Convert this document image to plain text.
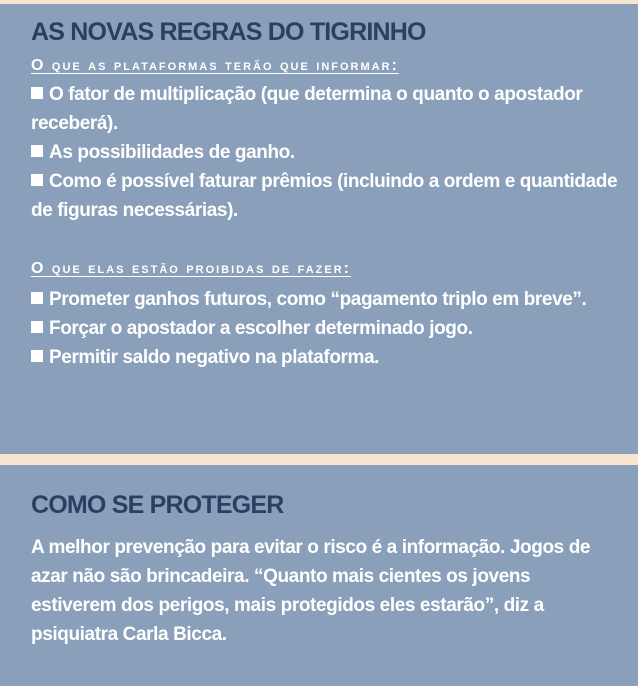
AS NOVAS REGRAS DO TIGRINHO
O que as plataformas terão que informar:
O fator de multiplicação (que determina o quanto o apostador receberá).
As possibilidades de ganho.
Como é possível faturar prêmios (incluindo a ordem e quantidade de figuras necessárias).
O que elas estão proibidas de fazer:
Prometer ganhos futuros, como “pagamento triplo em breve”.
Forçar o apostador a escolher determinado jogo.
Permitir saldo negativo na plataforma.
COMO SE PROTEGER

A melhor prevenção para evitar o risco é a informação. Jogos de azar não são brincadeira. “Quanto mais cientes os jovens estiverem dos perigos, mais protegidos eles estarão”, diz a psiquiatra Carla Bicca.
